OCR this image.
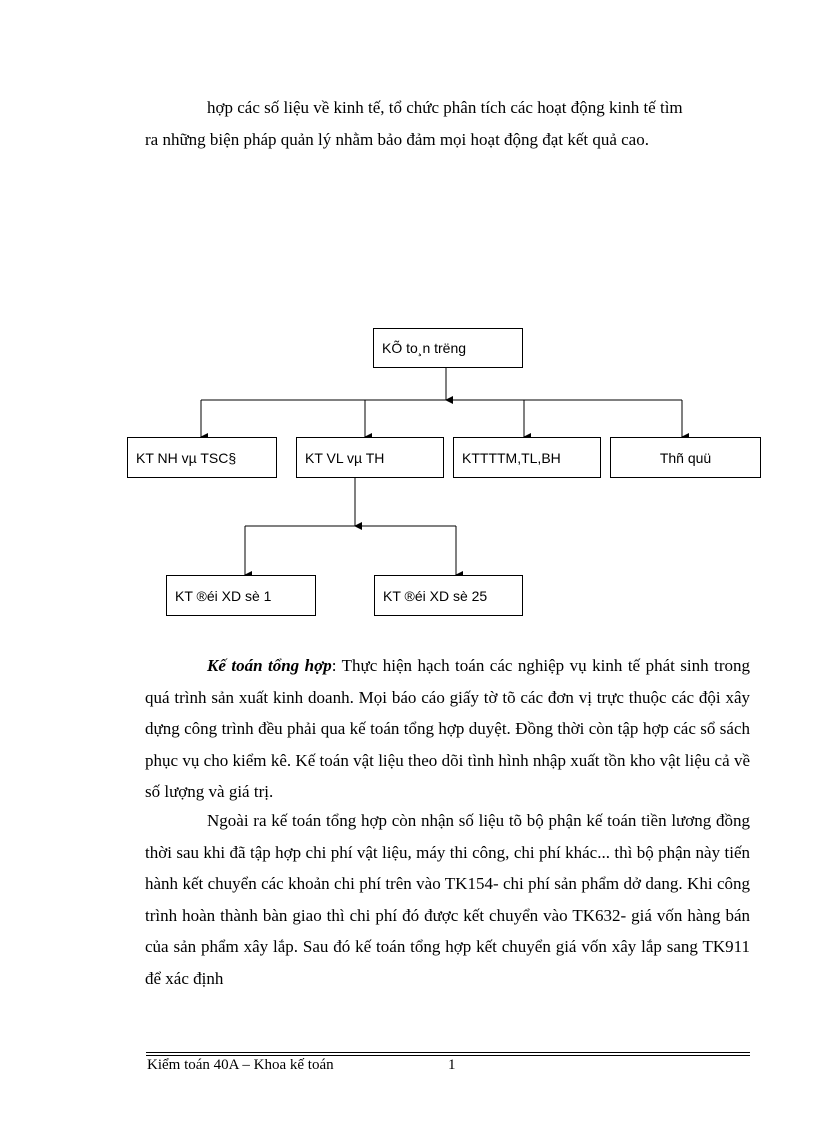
hợp các số liệu về kinh tế, tổ chức phân tích các hoạt động kinh tế tìm

ra những biện pháp quản lý nhằm bảo đảm mọi hoạt động đạt kết quả cao.

KÕ to¸n trëng
KT NH vµ TSC§	KT VL vµ TH	KTTTTM,TL,BH	Thñ quü
KT ®éi XD sè 1	KT ®éi XD sè 25

Kế toán tổng hợp: Thực hiện hạch toán các nghiệp vụ kinh tế phát sinh trong quá trình sản xuất kinh doanh. Mọi báo cáo giấy tờ tõ các đơn vị trực thuộc các đội xây dựng công trình đều phải qua kế toán tổng hợp duyệt. Đồng thời còn tập hợp các sổ sách phục vụ cho kiểm kê. Kế toán vật liệu theo dõi tình hình nhập xuất tồn kho vật liệu cả về số lượng và giá trị.

Ngoài ra kế toán tổng hợp còn nhận số liệu tõ bộ phận kế toán tiền lương đồng thời sau khi đã tập hợp chi phí vật liệu, máy thi công, chi phí khác... thì bộ phận này tiến hành kết chuyển các khoản chi phí trên vào TK154- chi phí sản phẩm dở dang. Khi công trình hoàn thành bàn giao thì chi phí đó được kết chuyển vào TK632- giá vốn hàng bán của sản phẩm xây lắp. Sau đó kế toán tổng hợp kết chuyển giá vốn xây lắp sang TK911 để xác định

Kiểm toán 40A – Khoa kế toán	1
